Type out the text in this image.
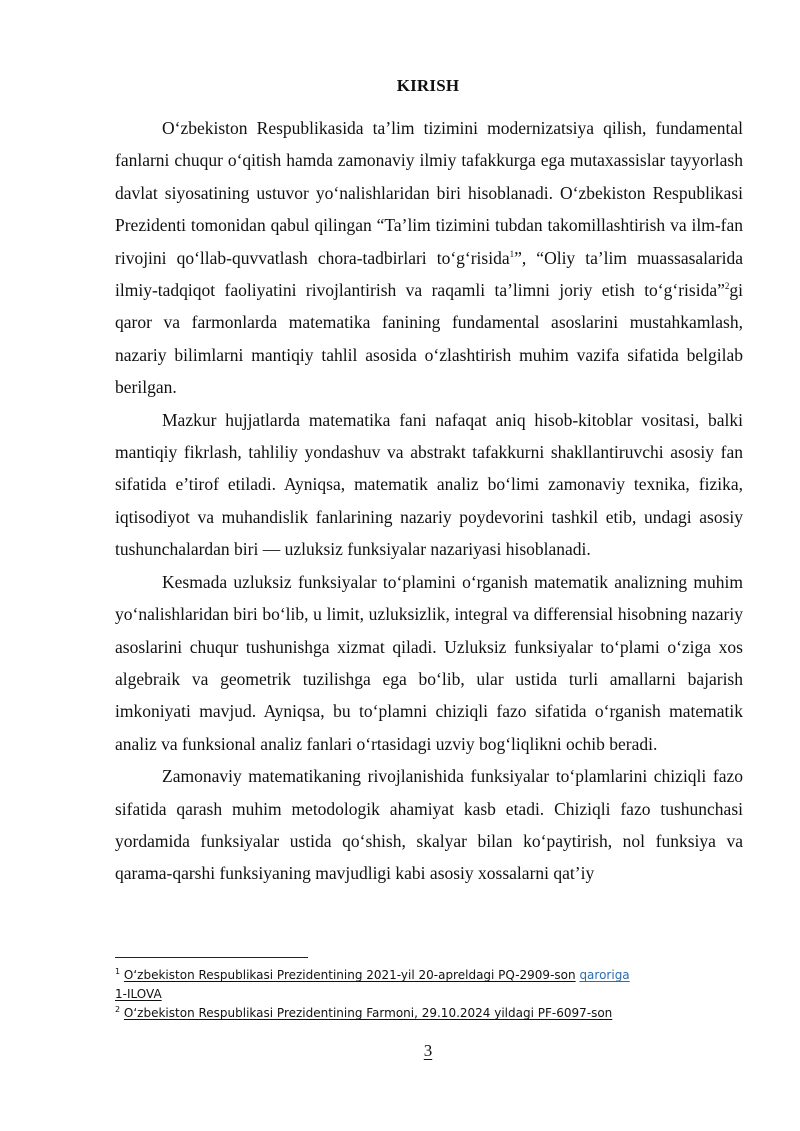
KIRISH

O‘zbekiston Respublikasida ta’lim tizimini modernizatsiya qilish, fundamental fanlarni chuqur o‘qitish hamda zamonaviy ilmiy tafakkurga ega mutaxassislar tayyorlash davlat siyosatining ustuvor yo‘nalishlaridan biri hisoblanadi. O‘zbekiston Respublikasi Prezidenti tomonidan qabul qilingan “Ta’lim tizimini tubdan takomillashtirish va ilm-fan rivojini qo‘llab-quvvatlash chora-tadbirlari to‘g‘risida$^1$”, “Oliy ta’lim muassasalarida ilmiy-tadqiqot faoliyatini rivojlantirish va raqamli ta’limni joriy etish to‘g‘risida”$^2$gi qaror va farmonlarda matematika fanining fundamental asoslarini mustahkamlash, nazariy bilimlarni mantiqiy tahlil asosida o‘zlashtirish muhim vazifa sifatida belgilab berilgan.

Mazkur hujjatlarda matematika fani nafaqat aniq hisob-kitoblar vositasi, balki mantiqiy fikrlash, tahliliy yondashuv va abstrakt tafakkurni shakllantiruvchi asosiy fan sifatida e’tirof etiladi. Ayniqsa, matematik analiz bo‘limi zamonaviy texnika, fizika, iqtisodiyot va muhandislik fanlarining nazariy poydevorini tashkil etib, undagi asosiy tushunchalardan biri — uzluksiz funksiyalar nazariyasi hisoblanadi.

Kesmada uzluksiz funksiyalar to‘plamini o‘rganish matematik analizning muhim yo‘nalishlaridan biri bo‘lib, u limit, uzluksizlik, integral va differensial hisobning nazariy asoslarini chuqur tushunishga xizmat qiladi. Uzluksiz funksiyalar to‘plami o‘ziga xos algebraik va geometrik tuzilishga ega bo‘lib, ular ustida turli amallarni bajarish imkoniyati mavjud. Ayniqsa, bu to‘plamni chiziqli fazo sifatida o‘rganish matematik analiz va funksional analiz fanlari o‘rtasidagi uzviy bog‘liqlikni ochib beradi.

Zamonaviy matematikaning rivojlanishida funksiyalar to‘plamlarini chiziqli fazo sifatida qarash muhim metodologik ahamiyat kasb etadi. Chiziqli fazo tushunchasi yordamida funksiyalar ustida qo‘shish, skalyar bilan ko‘paytirish, nol funksiya va qarama-qarshi funksiyaning mavjudligi kabi asosiy xossalarni qat’iy

$^1$ O‘zbekiston Respublikasi Prezidentining 2021-yil 20-apreldagi PQ-2909-son qaroriga
1-ILOVA
$^2$ O‘zbekiston Respublikasi Prezidentining Farmoni, 29.10.2024 yildagi PF-6097-son
3
